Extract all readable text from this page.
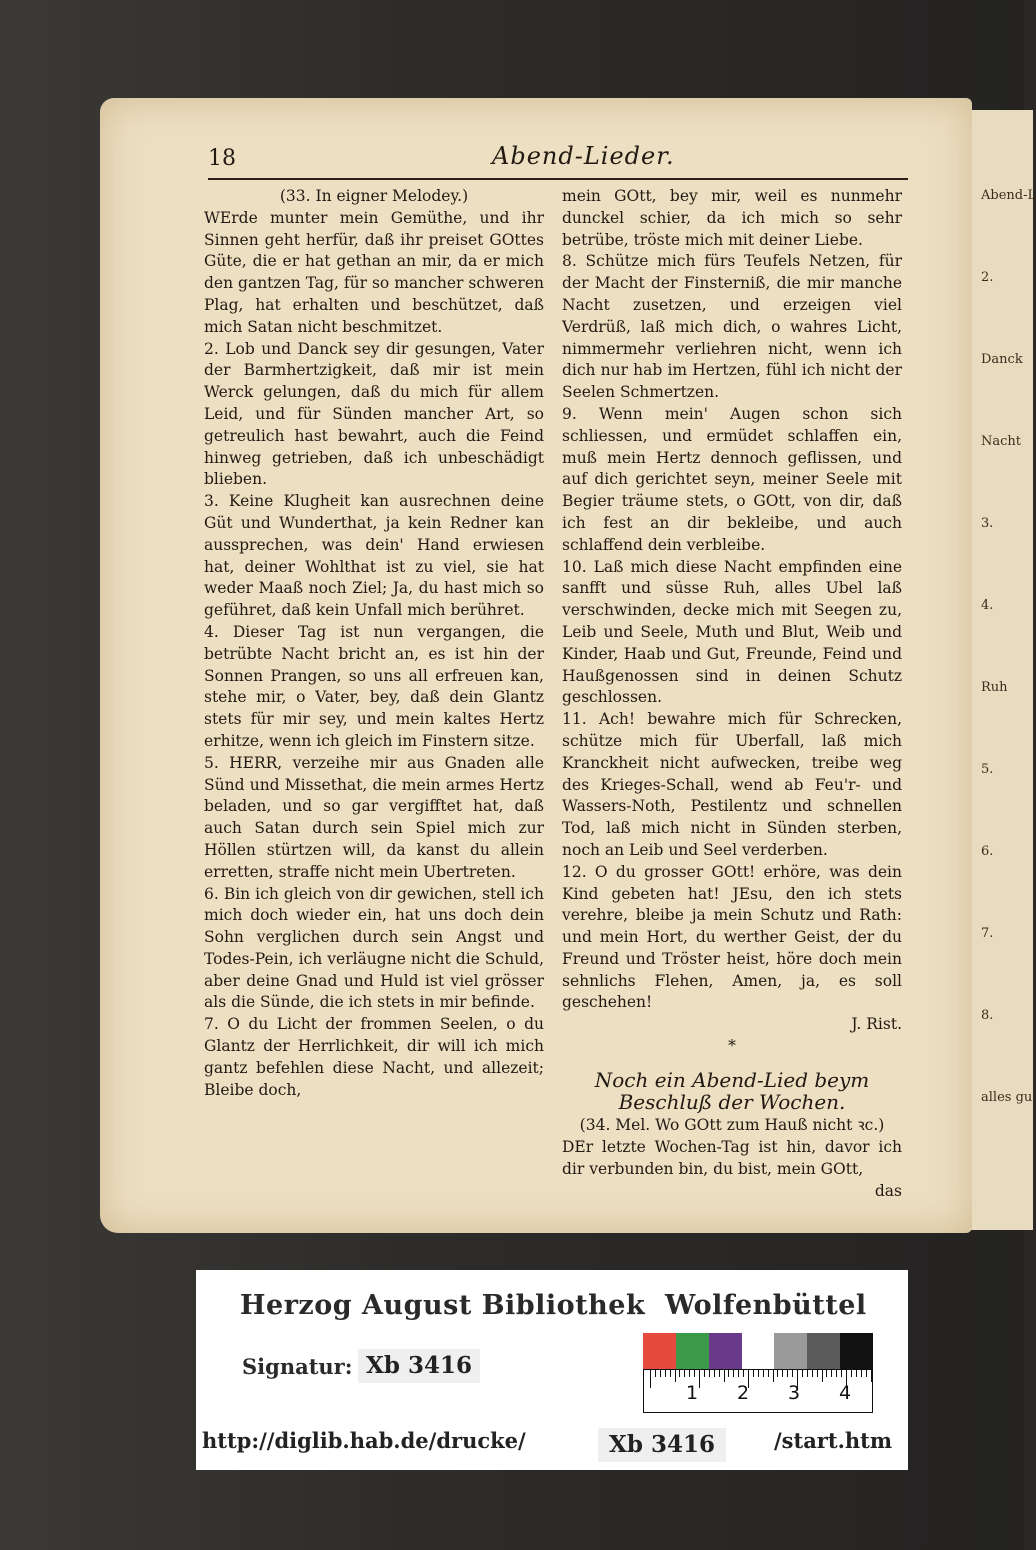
Abend-L
2.
Danck
Nacht
3.
4.
Ruh
5.
6.
7.
8.
alles gu
18	Abend-Lieder.

(33. In eigner Melodey.)

WErde munter mein Gemüthe, und ihr Sinnen geht herfür, daß ihr preiset GOttes Güte, die er hat gethan an mir, da er mich den gantzen Tag, für so mancher schweren Plag, hat erhalten und beschützet, daß mich Satan nicht beschmitzet.

2. Lob und Danck sey dir gesungen, Vater der Barmhertzigkeit, daß mir ist mein Werck gelungen, daß du mich für allem Leid, und für Sünden mancher Art, so getreulich hast bewahrt, auch die Feind hinweg getrieben, daß ich unbeschädigt blieben.

3. Keine Klugheit kan ausrechnen deine Güt und Wunderthat, ja kein Redner kan aussprechen, was dein' Hand erwiesen hat, deiner Wohlthat ist zu viel, sie hat weder Maaß noch Ziel; Ja, du hast mich so geführet, daß kein Unfall mich berühret.

4. Dieser Tag ist nun vergangen, die betrübte Nacht bricht an, es ist hin der Sonnen Prangen, so uns all erfreuen kan, stehe mir, o Vater, bey, daß dein Glantz stets für mir sey, und mein kaltes Hertz erhitze, wenn ich gleich im Finstern sitze.

5. HERR, verzeihe mir aus Gnaden alle Sünd und Missethat, die mein armes Hertz beladen, und so gar vergifftet hat, daß auch Satan durch sein Spiel mich zur Höllen stürtzen will, da kanst du allein erretten, straffe nicht mein Ubertreten.

6. Bin ich gleich von dir gewichen, stell ich mich doch wieder ein, hat uns doch dein Sohn verglichen durch sein Angst und Todes-Pein, ich verläugne nicht die Schuld, aber deine Gnad und Huld ist viel grösser als die Sünde, die ich stets in mir befinde.

7. O du Licht der frommen Seelen, o du Glantz der Herrlichkeit, dir will ich mich gantz befehlen diese Nacht, und allezeit; Bleibe doch,

mein GOtt, bey mir, weil es nunmehr dunckel schier, da ich mich so sehr betrübe, tröste mich mit deiner Liebe.

8. Schütze mich fürs Teufels Netzen, für der Macht der Finsterniß, die mir manche Nacht zusetzen, und erzeigen viel Verdrüß, laß mich dich, o wahres Licht, nimmermehr verliehren nicht, wenn ich dich nur hab im Hertzen, fühl ich nicht der Seelen Schmertzen.

9. Wenn mein' Augen schon sich schliessen, und ermüdet schlaffen ein, muß mein Hertz dennoch geflissen, und auf dich gerichtet seyn, meiner Seele mit Begier träume stets, o GOtt, von dir, daß ich fest an dir bekleibe, und auch schlaffend dein verbleibe.

10. Laß mich diese Nacht empfinden eine sanfft und süsse Ruh, alles Ubel laß verschwinden, decke mich mit Seegen zu, Leib und Seele, Muth und Blut, Weib und Kinder, Haab und Gut, Freunde, Feind und Haußgenossen sind in deinen Schutz geschlossen.

11. Ach! bewahre mich für Schrecken, schütze mich für Uberfall, laß mich Kranckheit nicht aufwecken, treibe weg des Krieges-Schall, wend ab Feu'r- und Wassers-Noth, Pestilentz und schnellen Tod, laß mich nicht in Sünden sterben, noch an Leib und Seel verderben.

12. O du grosser GOtt! erhöre, was dein Kind gebeten hat! JEsu, den ich stets verehre, bleibe ja mein Schutz und Rath: und mein Hort, du werther Geist, der du Freund und Tröster heist, höre doch mein sehnlichs Flehen, Amen, ja, es soll geschehen!

J. Rist.

*

Noch ein Abend-Lied beym Beschluß der Wochen.

(34. Mel. Wo GOtt zum Hauß nicht ꝛc.)

DEr letzte Wochen-Tag ist hin, davor ich dir verbunden bin, du bist, mein GOtt,

das

Herzog August Bibliothek  Wolfenbüttel
Signatur: Xb 3416
http://diglib.hab.de/drucke/	Xb 3416	/start.htm
1 2 3 4
